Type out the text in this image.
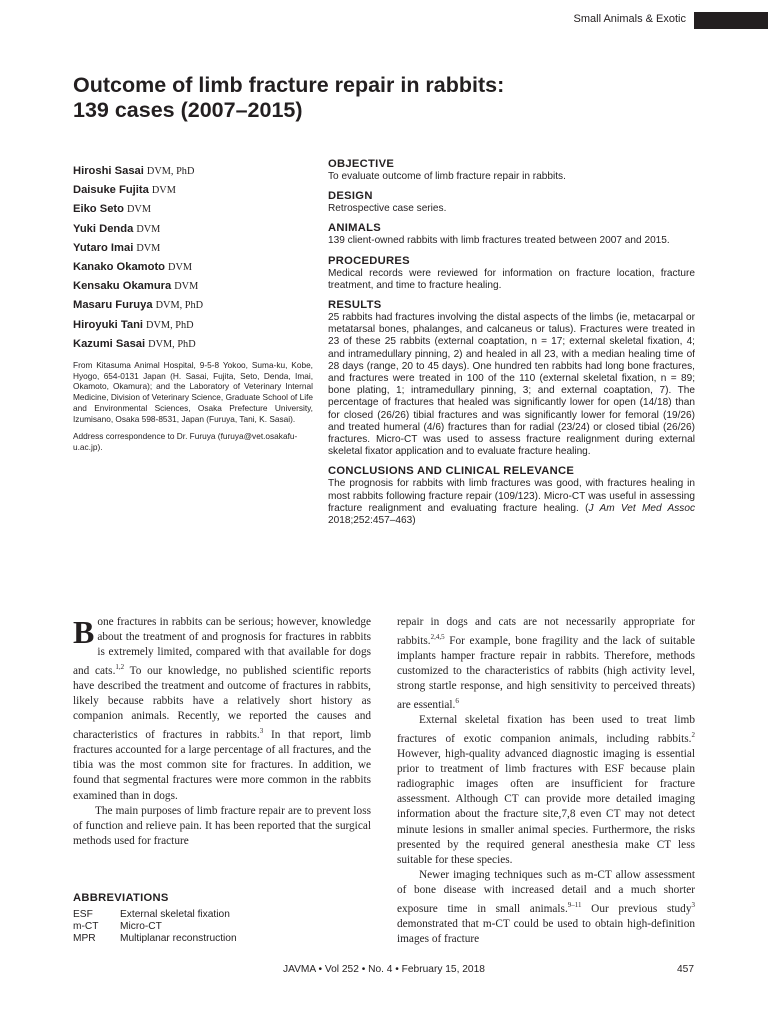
Small Animals & Exotic
Outcome of limb fracture repair in rabbits:
139 cases (2007–2015)
Hiroshi Sasai DVM, PhD
Daisuke Fujita DVM
Eiko Seto DVM
Yuki Denda DVM
Yutaro Imai DVM
Kanako Okamoto DVM
Kensaku Okamura DVM
Masaru Furuya DVM, PhD
Hiroyuki Tani DVM, PhD
Kazumi Sasai DVM, PhD
From Kitasuma Animal Hospital, 9-5-8 Yokoo, Suma-ku, Kobe, Hyogo, 654-0131 Japan (H. Sasai, Fujita, Seto, Denda, Imai, Okamoto, Okamura); and the Laboratory of Veterinary Internal Medicine, Division of Veterinary Science, Graduate School of Life and Environmental Sciences, Osaka Prefecture University, Izumisano, Osaka 598-8531, Japan (Furuya, Tani, K. Sasai).
Address correspondence to Dr. Furuya (furuya@vet.osakafu-u.ac.jp).
OBJECTIVE

To evaluate outcome of limb fracture repair in rabbits.

DESIGN

Retrospective case series.

ANIMALS

139 client-owned rabbits with limb fractures treated between 2007 and 2015.

PROCEDURES

Medical records were reviewed for information on fracture location, fracture treatment, and time to fracture healing.

RESULTS

25 rabbits had fractures involving the distal aspects of the limbs (ie, metacarpal or metatarsal bones, phalanges, and calcaneus or talus). Fractures were treated in 23 of these 25 rabbits (external coaptation, n = 17; external skeletal fixation, 4; and intramedullary pinning, 2) and healed in all 23, with a median healing time of 28 days (range, 20 to 45 days). One hundred ten rabbits had long bone fractures, and fractures were treated in 100 of the 110 (external skeletal fixation, n = 89; bone plating, 1; intramedullary pinning, 3; and external coaptation, 7). The percentage of fractures that healed was significantly lower for open (14/18) than for closed (26/26) tibial fractures and was significantly lower for femoral (19/26) and treated humeral (4/6) fractures than for radial (23/24) or closed tibial (26/26) fractures. Micro-CT was used to assess fracture realignment during external skeletal fixator application and to evaluate fracture healing.

CONCLUSIONS AND CLINICAL RELEVANCE

The prognosis for rabbits with limb fractures was good, with fractures healing in most rabbits following fracture repair (109/123). Micro-CT was useful in assessing fracture realignment and evaluating fracture healing. (J Am Vet Med Assoc 2018;252:457–463)

Bone fractures in rabbits can be serious; however, knowledge about the treatment of and prognosis for fractures in rabbits is extremely limited, compared with that available for dogs and cats.$^{1,2}$ To our knowledge, no published scientific reports have described the treatment and outcome of fractures in rabbits, likely because rabbits have a relatively short history as companion animals. Recently, we reported the causes and characteristics of fractures in rabbits.$^3$ In that report, limb fractures accounted for a large percentage of all fractures, and the tibia was the most common site for fractures. In addition, we found that segmental fractures were more common in the rabbits examined than in dogs.

The main purposes of limb fracture repair are to prevent loss of function and relieve pain. It has been reported that the surgical methods used for fracture

repair in dogs and cats are not necessarily appropriate for rabbits.$^{2,4,5}$ For example, bone fragility and the lack of suitable implants hamper fracture repair in rabbits. Therefore, methods customized to the characteristics of rabbits (high activity level, strong startle response, and high sensitivity to perceived threats) are essential.$^6$

External skeletal fixation has been used to treat limb fractures of exotic companion animals, including rabbits.$^2$ However, high-quality advanced diagnostic imaging is essential prior to treatment of limb fractures with ESF because plain radiographic images often are insufficient for fracture assessment. Although CT can provide more detailed imaging information about the fracture site,7,8 even CT may not detect minute lesions in smaller animal species. Furthermore, the risks presented by the required general anesthesia make CT less suitable for these species.

Newer imaging techniques such as m-CT allow assessment of bone disease with increased detail and a much shorter exposure time in small animals.$^{9-11}$ Our previous study$^3$ demonstrated that m-CT could be used to obtain high-definition images of fracture

ABBREVIATIONS
ESF	External skeletal fixation
m-CT	Micro-CT
MPR	Multiplanar reconstruction
JAVMA • Vol 252 • No. 4 • February 15, 2018	457
